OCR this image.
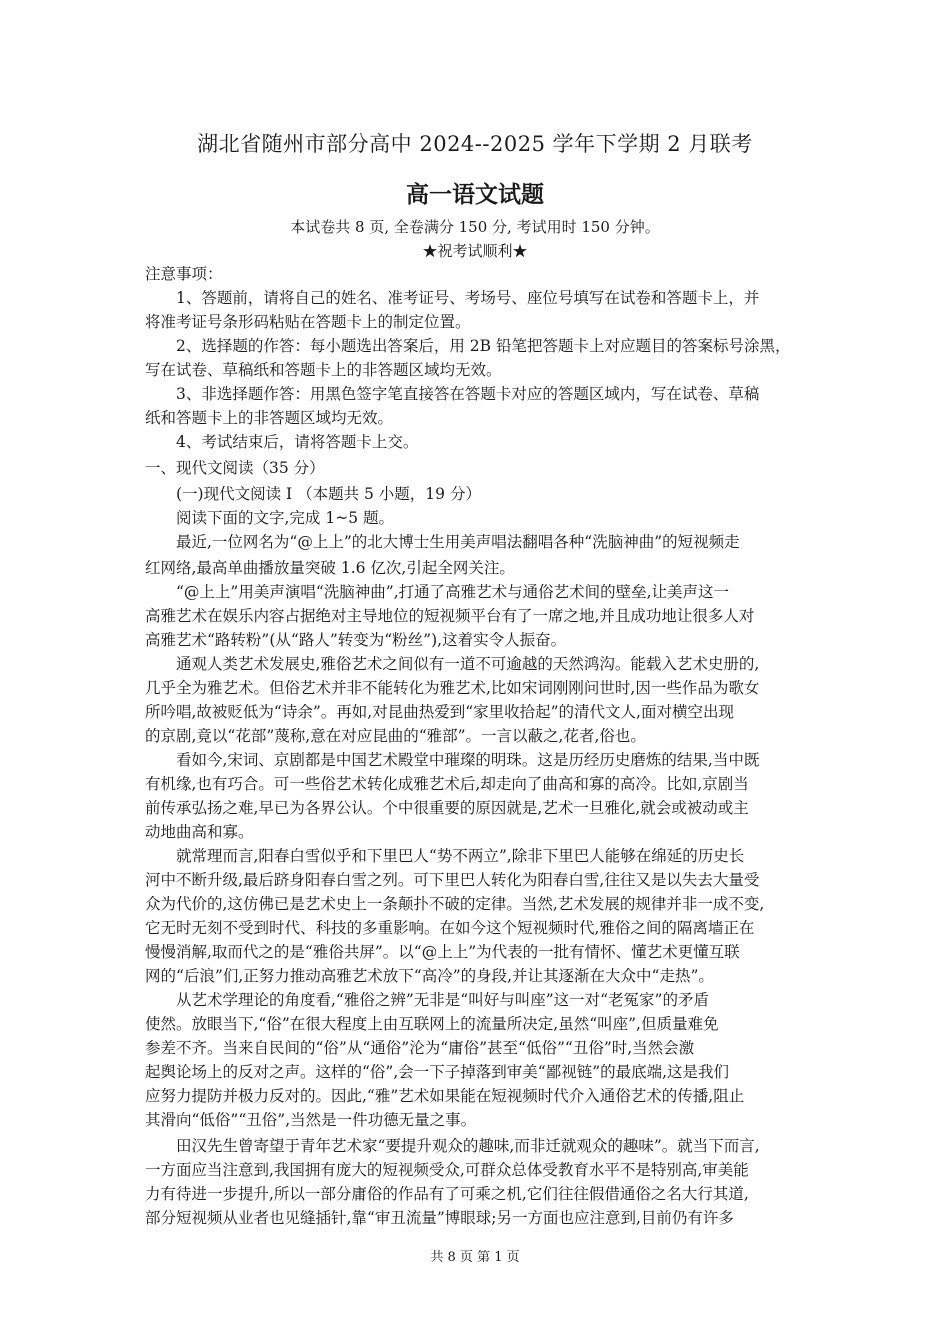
湖北省随州市部分高中 2024--2025 学年下学期 2 月联考
高一语文试题
本试卷共 8 页, 全卷满分 150 分, 考试用时 150 分钟。
★祝考试顺利★
注意事项：
1、答题前，请将自己的姓名、准考证号、考场号、座位号填写在试卷和答题卡上，并
将准考证号条形码粘贴在答题卡上的制定位置。
2、选择题的作答：每小题选出答案后，用 2B 铅笔把答题卡上对应题目的答案标号涂黑，
写在试卷、草稿纸和答题卡上的非答题区域均无效。
3、非选择题作答：用黑色签字笔直接答在答题卡对应的答题区域内，写在试卷、草稿
纸和答题卡上的非答题区域均无效。
4、考试结束后，请将答题卡上交。
一、现代文阅读（35 分）
(一)现代文阅读 I （本题共 5 小题，19 分）
阅读下面的文字,完成 1~5 题。
最近,一位网名为“@上上”的北大博士生用美声唱法翻唱各种“洗脑神曲”的短视频走
红网络,最高单曲播放量突破 1.6 亿次,引起全网关注。
“@上上”用美声演唱“洗脑神曲”,打通了高雅艺术与通俗艺术间的壁垒,让美声这一
高雅艺术在娱乐内容占据绝对主导地位的短视频平台有了一席之地,并且成功地让很多人对
高雅艺术“路转粉”(从“路人”转变为“粉丝”),这着实令人振奋。
通观人类艺术发展史,雅俗艺术之间似有一道不可逾越的天然鸿沟。能载入艺术史册的,
几乎全为雅艺术。但俗艺术并非不能转化为雅艺术,比如宋词刚刚问世时,因一些作品为歌女
所吟唱,故被贬低为“诗余”。再如,对昆曲热爱到“家里收拾起”的清代文人,面对横空出现
的京剧,竟以“花部”蔑称,意在对应昆曲的“雅部”。一言以蔽之,花者,俗也。
看如今,宋词、京剧都是中国艺术殿堂中璀璨的明珠。这是历经历史磨炼的结果,当中既
有机缘,也有巧合。可一些俗艺术转化成雅艺术后,却走向了曲高和寡的高冷。比如,京剧当
前传承弘扬之难,早已为各界公认。个中很重要的原因就是,艺术一旦雅化,就会或被动或主
动地曲高和寡。
就常理而言,阳春白雪似乎和下里巴人“势不两立”,除非下里巴人能够在绵延的历史长
河中不断升级,最后跻身阳春白雪之列。可下里巴人转化为阳春白雪,往往又是以失去大量受
众为代价的,这仿佛已是艺术史上一条颠扑不破的定律。当然,艺术发展的规律并非一成不变,
它无时无刻不受到时代、科技的多重影响。在如今这个短视频时代,雅俗之间的隔离墙正在
慢慢消解,取而代之的是“雅俗共屏”。以“@上上”为代表的一批有情怀、懂艺术更懂互联
网的“后浪”们,正努力推动高雅艺术放下“高冷”的身段,并让其逐渐在大众中“走热”。
从艺术学理论的角度看,“雅俗之辨”无非是“叫好与叫座”这一对“老冤家”的矛盾
使然。放眼当下,“俗”在很大程度上由互联网上的流量所决定,虽然“叫座”,但质量难免
参差不齐。当来自民间的“俗”从“通俗”沦为“庸俗”甚至“低俗”“丑俗”时,当然会激
起舆论场上的反对之声。这样的“俗”,会一下子掉落到审美“鄙视链”的最底端,这是我们
应努力提防并极力反对的。因此,“雅”艺术如果能在短视频时代介入通俗艺术的传播,阻止
其滑向“低俗”“丑俗”,当然是一件功德无量之事。
田汉先生曾寄望于青年艺术家“要提升观众的趣味,而非迁就观众的趣味”。就当下而言,
一方面应当注意到,我国拥有庞大的短视频受众,可群众总体受教育水平不是特别高,审美能
力有待进一步提升,所以一部分庸俗的作品有了可乘之机,它们往往假借通俗之名大行其道,
部分短视频从业者也见缝插针,靠“审丑流量”博眼球;另一方面也应注意到,目前仍有许多
共 8 页 第 1 页
